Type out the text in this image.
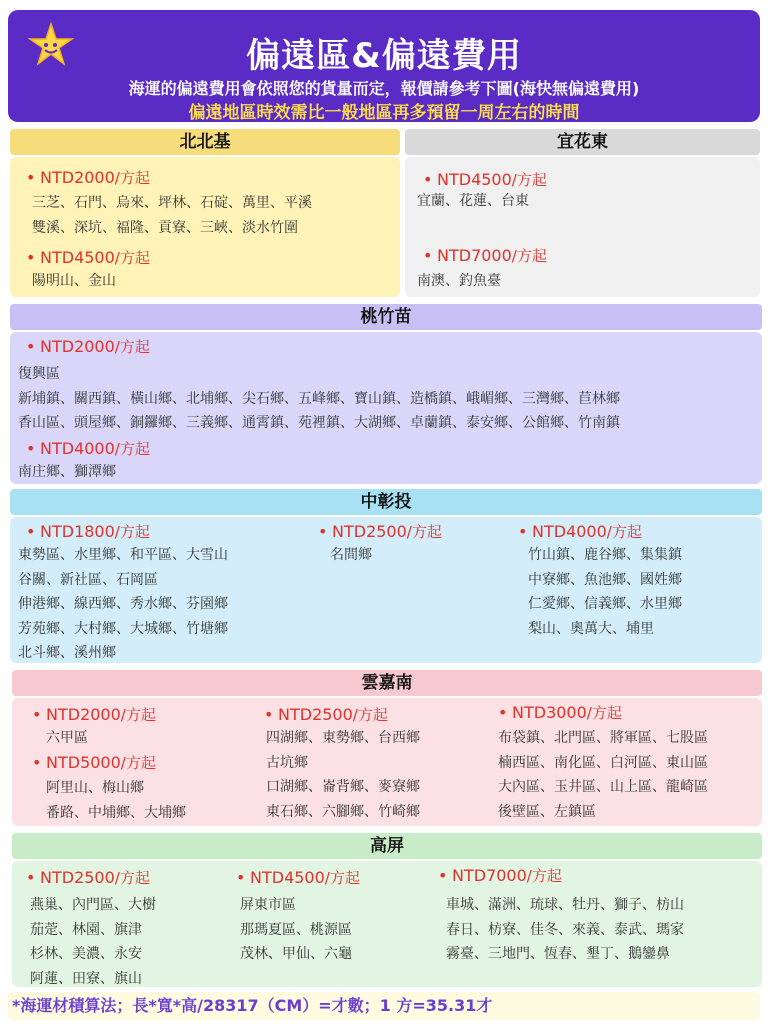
偏遠區&偏遠費用
海運的偏遠費用會依照您的貨量而定，報價請參考下圖(海快無偏遠費用)
偏遠地區時效需比一般地區再多預留一周左右的時間
北北基
• NTD2000/方起
三芝、石門、烏來、坪林、石碇、萬里、平溪
雙溪、深坑、福隆、貢寮、三峽、淡水竹圍
• NTD4500/方起
陽明山、金山
宜花東
• NTD4500/方起
宜蘭、花蓮、台東
• NTD7000/方起
南澳、釣魚臺
桃竹苗
• NTD2000/方起
復興區
新埔鎮、關西鎮、橫山鄉、北埔鄉、尖石鄉、五峰鄉、寶山鎮、造橋鎮、峨嵋鄉、三灣鄉、苣林鄉
香山區、頭屋鄉、銅鑼鄉、三義鄉、通霄鎮、苑裡鎮、大湖鄉、卓蘭鎮、泰安鄉、公館鄉、竹南鎮
• NTD4000/方起
南庄鄉、獅潭鄉
中彰投
• NTD1800/方起
東勢區、水里鄉、和平區、大雪山
谷關、新社區、石岡區
伸港鄉、線西鄉、秀水鄉、芬園鄉
芳苑鄉、大村鄉、大城鄉、竹塘鄉
北斗鄉、溪州鄉
• NTD2500/方起
名間鄉
• NTD4000/方起
竹山鎮、鹿谷鄉、集集鎮
中寮鄉、魚池鄉、國姓鄉
仁愛鄉、信義鄉、水里鄉
梨山、奧萬大、埔里
雲嘉南
• NTD2000/方起
六甲區
• NTD5000/方起
阿里山、梅山鄉
番路、中埔鄉、大埔鄉
• NTD2500/方起
四湖鄉、東勢鄉、台西鄉
古坑鄉
口湖鄉、崙背鄉、麥寮鄉
東石鄉、六腳鄉、竹崎鄉
• NTD3000/方起
布袋鎮、北門區、將軍區、七股區
楠西區、南化區、白河區、東山區
大內區、玉井區、山上區、龍崎區
後壁區、左鎮區
高屏
• NTD2500/方起
燕巢、內門區、大樹
茄萣、林園、旗津
杉林、美濃、永安
阿蓮、田寮、旗山
• NTD4500/方起
屏東市區
那瑪夏區、桃源區
茂林、甲仙、六龜
• NTD7000/方起
車城、滿洲、琉球、牡丹、獅子、枋山
春日、枋寮、佳冬、來義、泰武、瑪家
霧臺、三地門、恆春、墾丁、鵝鑾鼻
*海運材積算法；長*寬*高/28317（CM）=才數；1 方=35.31才
